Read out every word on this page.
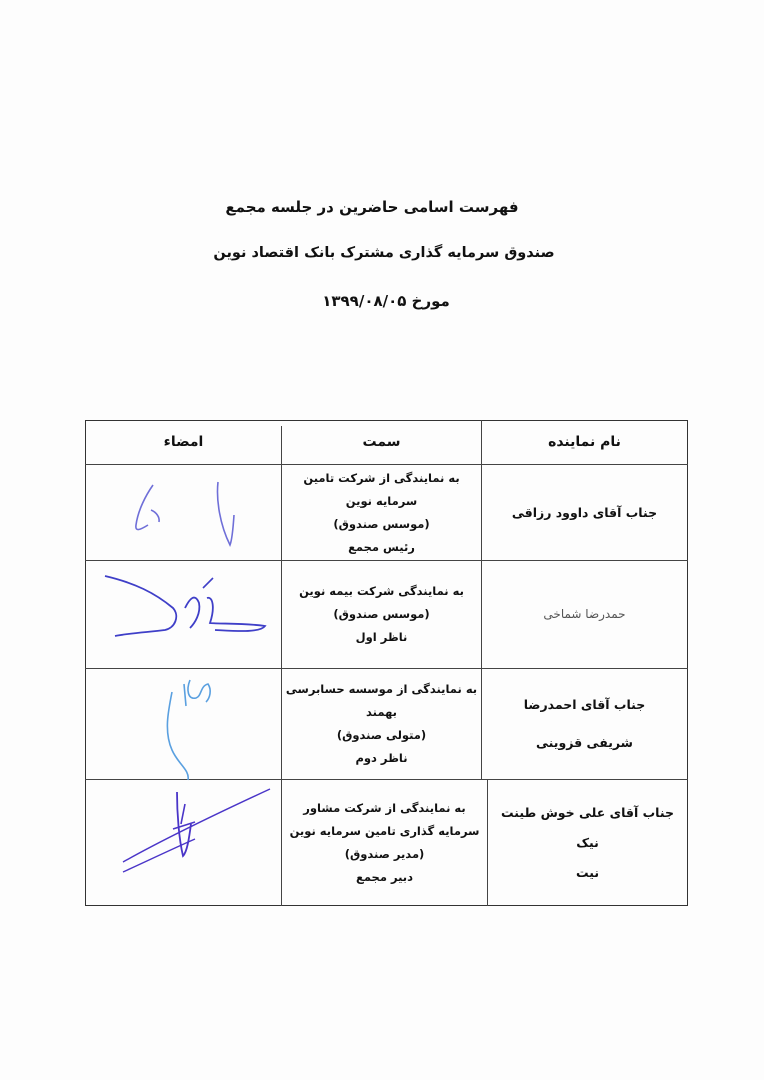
فهرست اسامی حاضرین در جلسه مجمع
صندوق سرمایه گذاری مشترک بانک اقتصاد نوین
مورخ ۱۳۹۹/۰۸/۰۵
نام نماینده
سمت
امضاء
جناب آقای داوود رزاقی
به نمایندگی از شرکت تامین
سرمایه نوین
(موسس صندوق)
رئیس مجمع
حمدرضا شماخی
به نمایندگی شرکت بیمه نوین
(موسس صندوق)
ناظر اول
جناب آقای احمدرضا
شریفی قزوینی
به نمایندگی از موسسه حسابرسی
بهمند
(متولی صندوق)
ناظر دوم
جناب آقای علی خوش طینت نیک
نیت
به نمایندگی از شرکت مشاور
سرمایه گذاری تامین سرمایه نوین
(مدیر صندوق)
دبیر مجمع
